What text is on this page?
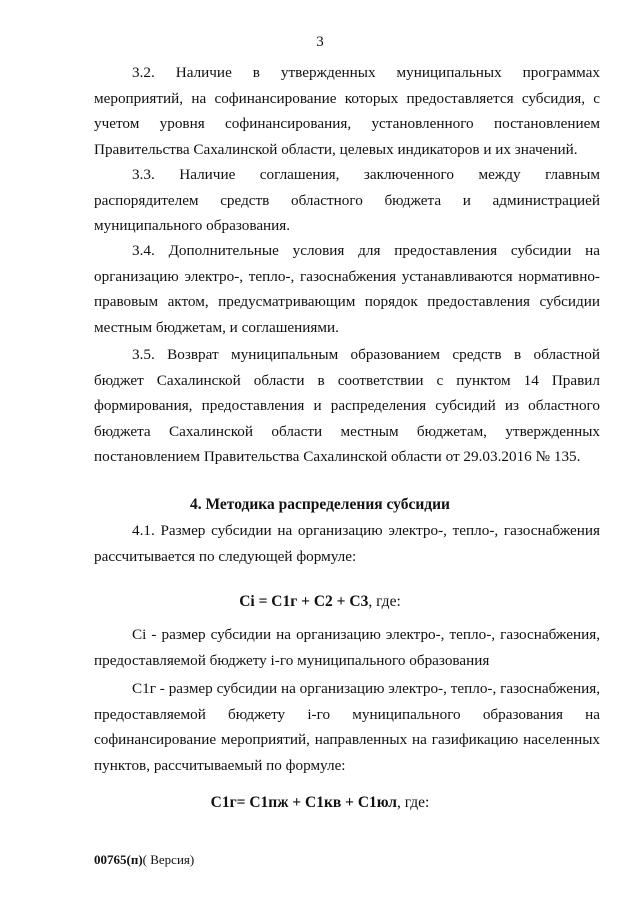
3

3.2. Наличие в утвержденных муниципальных программах мероприятий, на софинансирование которых предоставляется субсидия, с учетом уровня софинансирования, установленного постановлением Правительства Сахалинской области, целевых индикаторов и их значений.

3.3. Наличие соглашения, заключенного между главным распорядителем средств областного бюджета и администрацией муниципального образования.

3.4. Дополнительные условия для предоставления субсидии на организацию электро-, тепло-, газоснабжения устанавливаются нормативно-правовым актом, предусматривающим порядок предоставления субсидии местным бюджетам, и соглашениями.

3.5. Возврат муниципальным образованием средств в областной бюджет Сахалинской области в соответствии с пунктом 14 Правил формирования, предоставления и распределения субсидий из областного бюджета Сахалинской области местным бюджетам, утвержденных постановлением Правительства Сахалинской области от 29.03.2016 № 135.

4. Методика распределения субсидии

4.1. Размер субсидии на организацию электро-, тепло-, газоснабжения рассчитывается по следующей формуле:

Ci = С1г + С2 + С3, где:

Ci - размер субсидии на организацию электро-, тепло-, газоснабжения, предоставляемой бюджету i-го муниципального образования

С1г - размер субсидии на организацию электро-, тепло-, газоснабжения, предоставляемой бюджету i-го муниципального образования на софинансирование мероприятий, направленных на газификацию населенных пунктов, рассчитываемый по формуле:

С1г= С1пж + С1кв + С1юл, где:
00765(п)( Версия)
